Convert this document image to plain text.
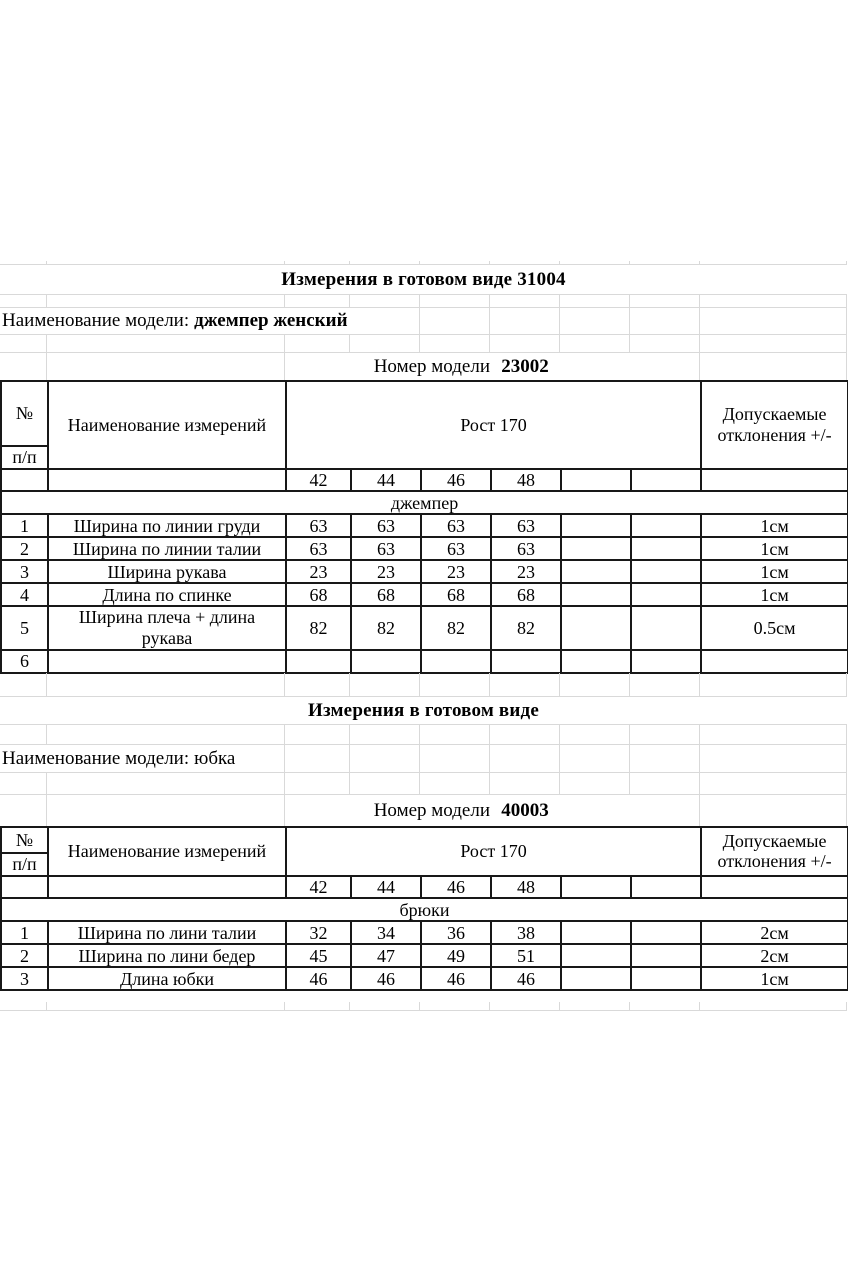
Измерения в готовом виде 31004
Наименование модели: джемпер женский
Номер модели 23002
№	Наименование измерений	Рост 170						Допускаемые отклонения +/-
п/п								
		42	44	46	48			
джемпер								
1	Ширина по линии груди	63	63	63	63			1см
2	Ширина по линии талии	63	63	63	63			1см
3	Ширина рукава	23	23	23	23			1см
4	Длина по спинке	68	68	68	68			1см
5	Ширина плеча + длина рукава	82	82	82	82			0.5см
6								
Измерения в готовом виде
Наименование модели: юбка
Номер модели 40003
№	Наименование измерений	Рост 170						Допускаемые отклонения +/-
п/п								
		42	44	46	48			
брюки								
1	Ширина по лини талии	32	34	36	38			2см
2	Ширина по лини бедер	45	47	49	51			2см
3	Длина юбки	46	46	46	46			1см
